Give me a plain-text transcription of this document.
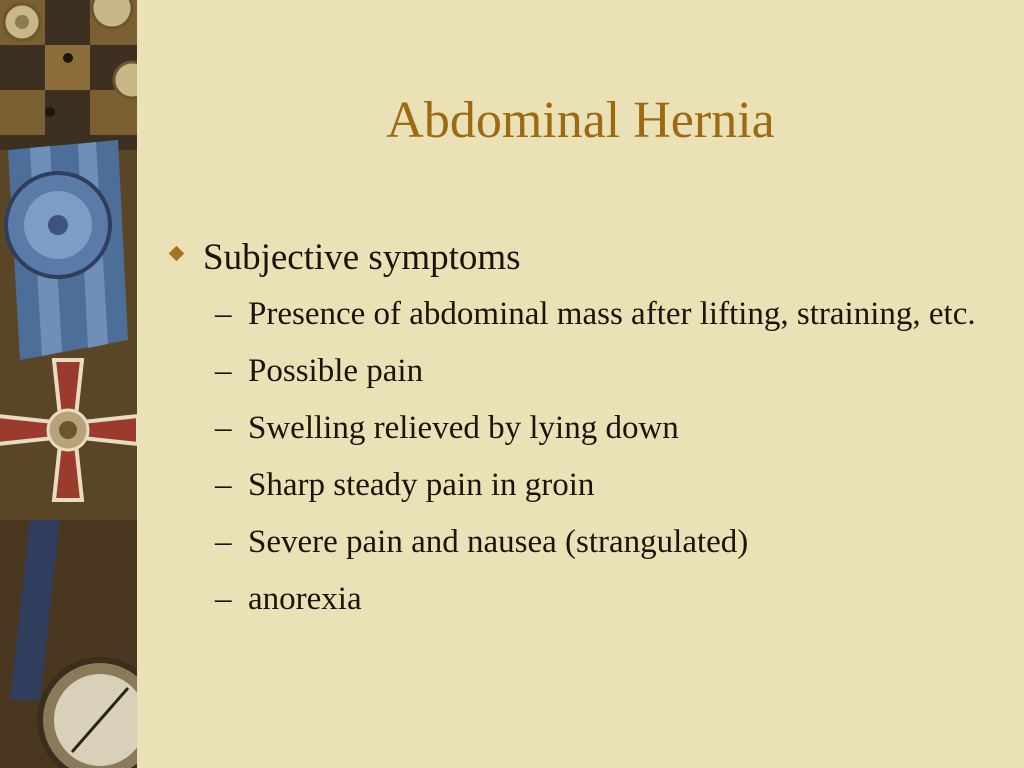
Abdominal Hernia
Subjective symptoms
– Presence of abdominal mass after lifting, straining, etc.
– Possible pain
– Swelling relieved by lying down
– Sharp steady pain in groin
– Severe pain and nausea (strangulated)
– anorexia
